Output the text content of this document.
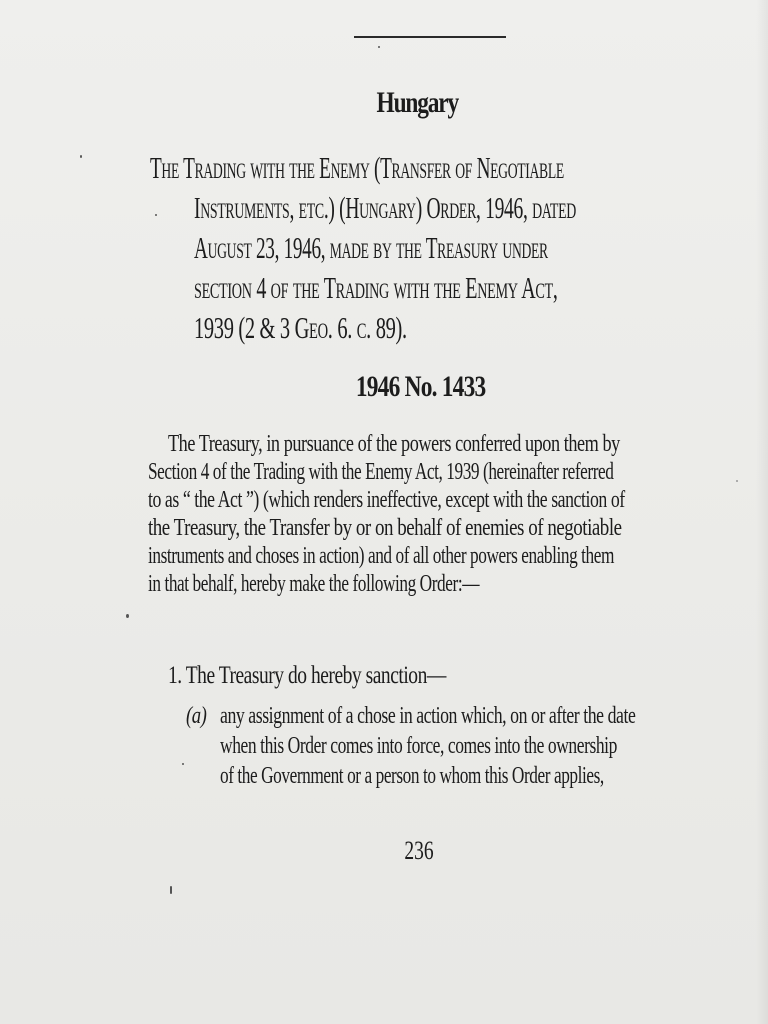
Hungary
The Trading with the Enemy (Transfer of Negotiable
Instruments, etc.) (Hungary) Order, 1946, dated
August 23, 1946, made by the Treasury under
section 4 of the Trading with the Enemy Act,
1939 (2 & 3 Geo. 6. c. 89).
1946 No. 1433
The Treasury, in pursuance of the powers conferred upon them by
Section 4 of the Trading with the Enemy Act, 1939 (hereinafter referred
to as “ the Act ”) (which renders ineffective, except with the sanction of
the Treasury, the Transfer by or on behalf of enemies of negotiable
instruments and choses in action) and of all other powers enabling them
in that behalf, hereby make the following Order:—
1. The Treasury do hereby sanction—
(a) any assignment of a chose in action which, on or after the date
when this Order comes into force, comes into the ownership
of the Government or a person to whom this Order applies,
236
